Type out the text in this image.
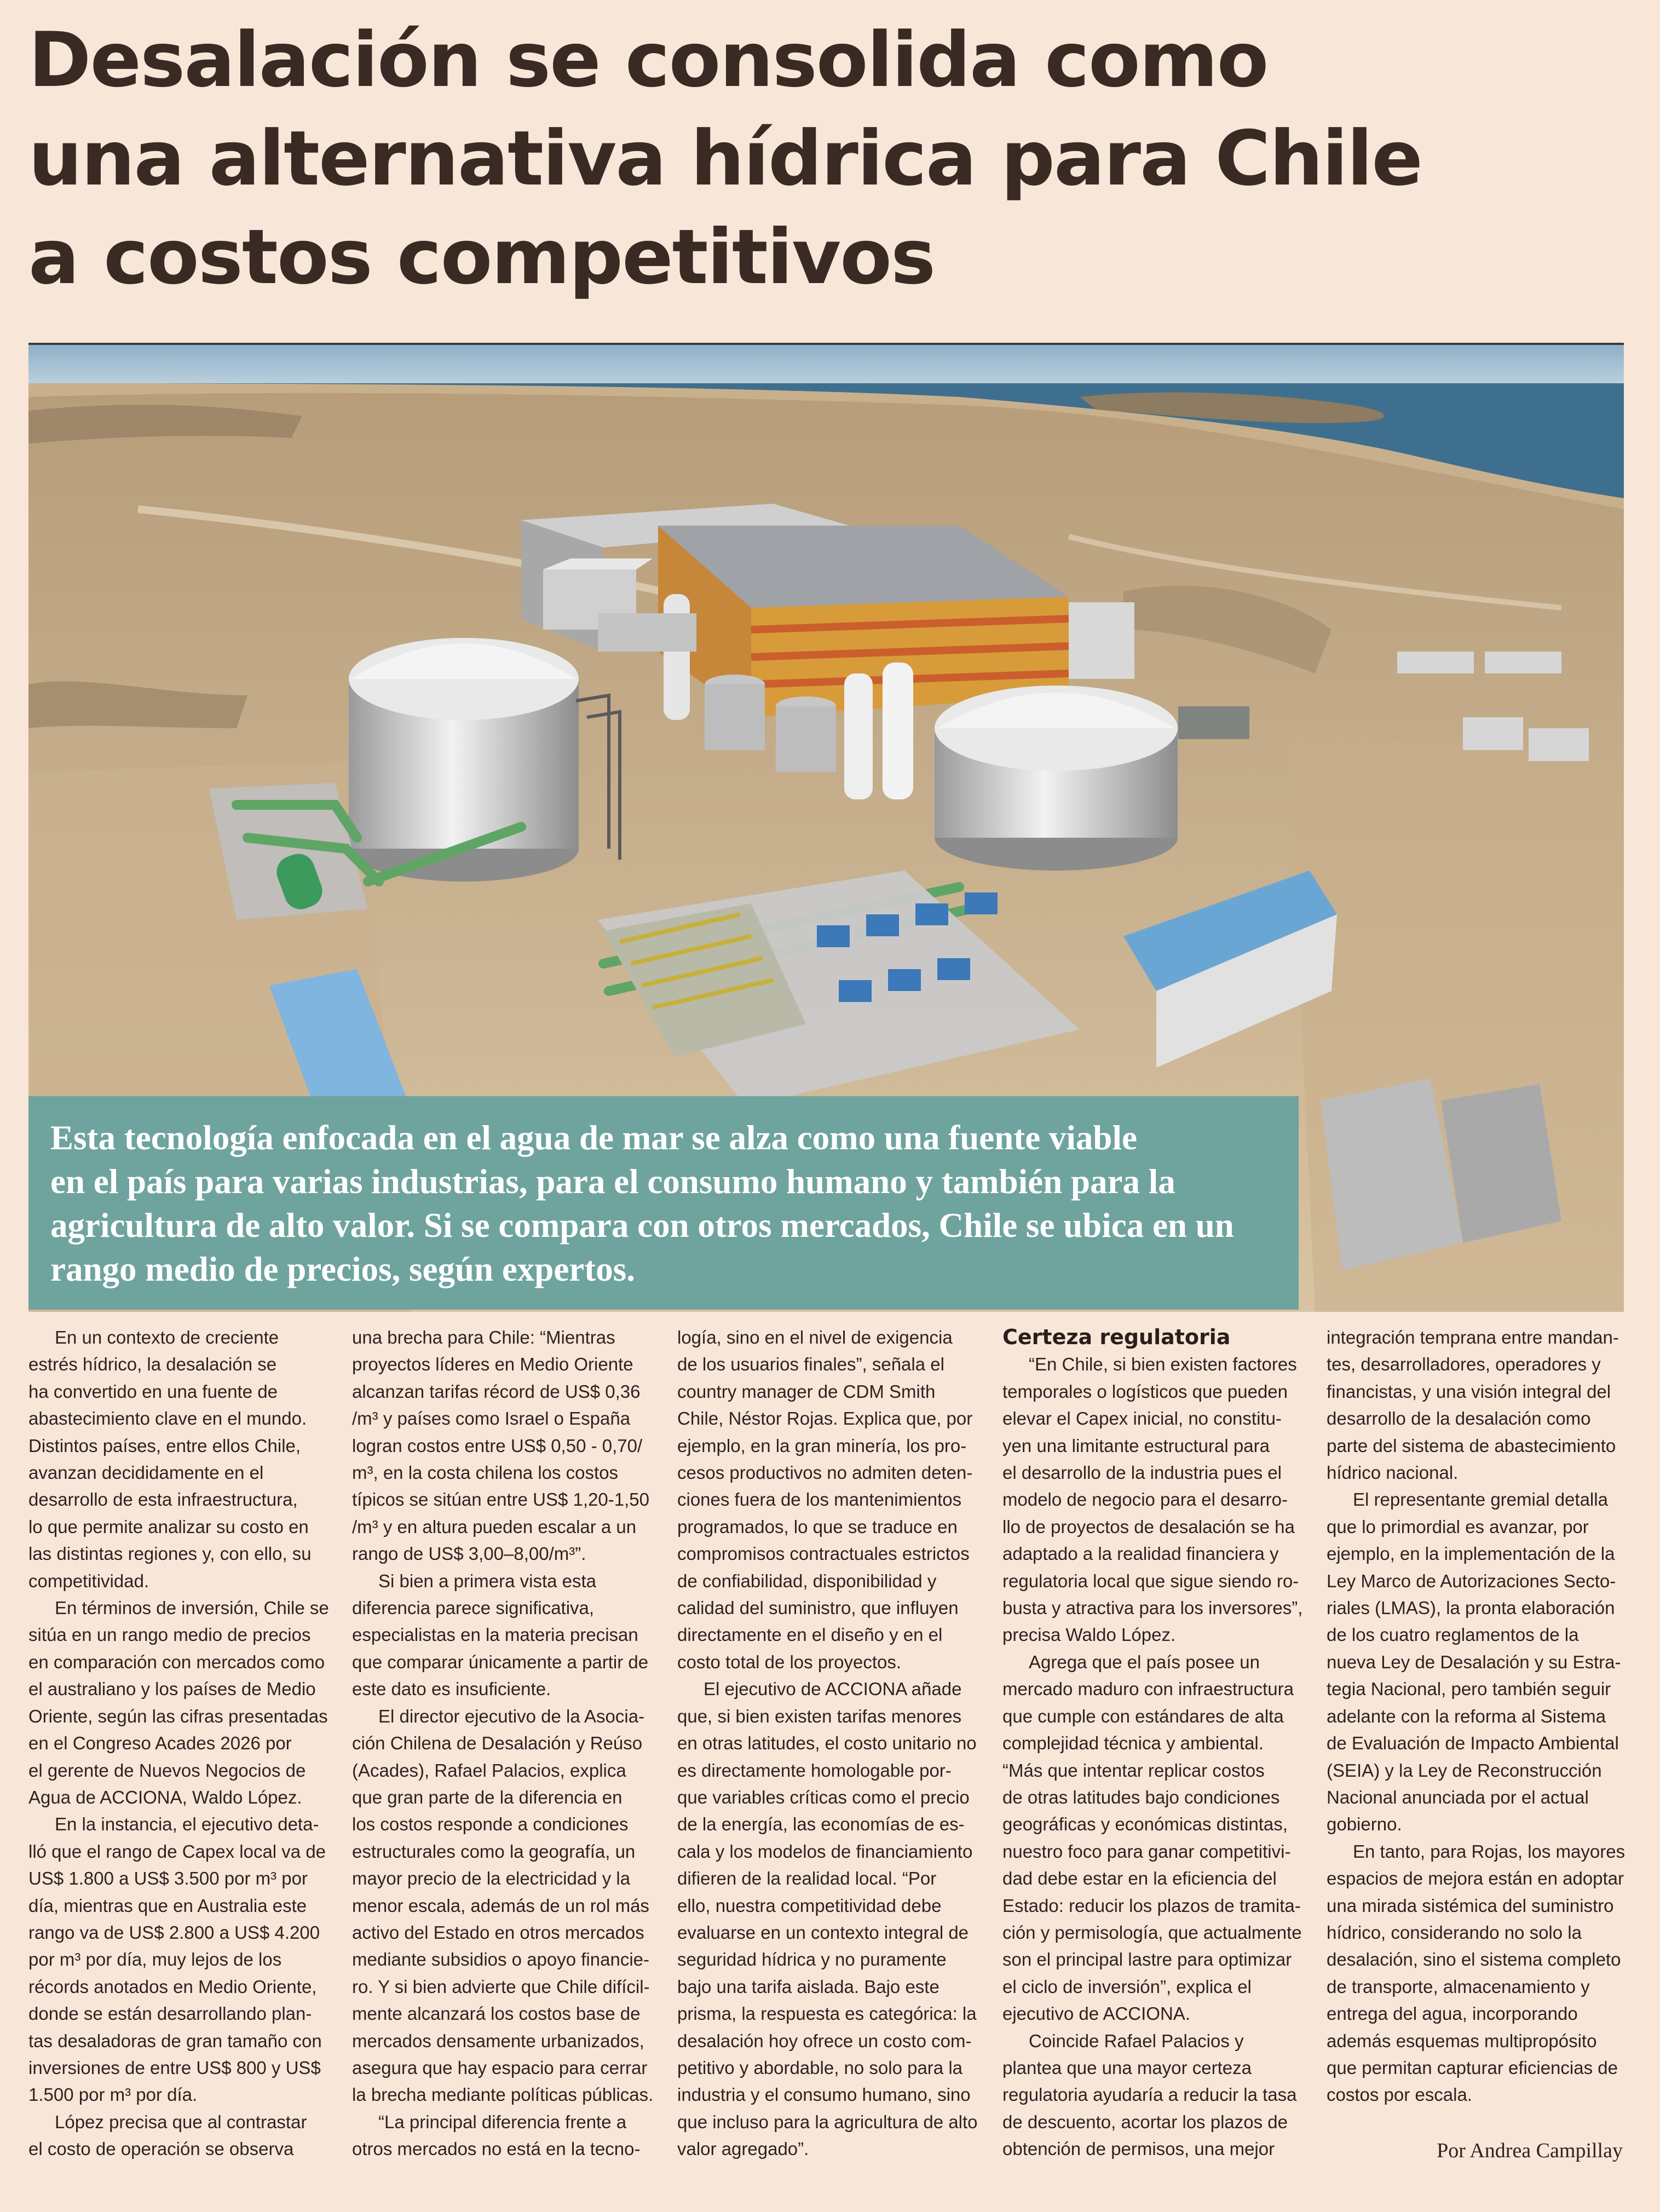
Desalación se consolida como
una alternativa hídrica para Chile
a costos competitivos
Esta tecnología enfocada en el agua de mar se alza como una fuente viable
en el país para varias industrias, para el consumo humano y también para la
agricultura de alto valor. Si se compara con otros mercados, Chile se ubica en un
rango medio de precios, según expertos.
En un contexto de creciente
estrés hídrico, la desalación se
ha convertido en una fuente de
abastecimiento clave en el mundo.
Distintos países, entre ellos Chile,
avanzan decididamente en el
desarrollo de esta infraestructura,
lo que permite analizar su costo en
las distintas regiones y, con ello, su
competitividad.
En términos de inversión, Chile se
sitúa en un rango medio de precios
en comparación con mercados como
el australiano y los países de Medio
Oriente, según las cifras presentadas
en el Congreso Acades 2026 por
el gerente de Nuevos Negocios de
Agua de ACCIONA, Waldo López.
En la instancia, el ejecutivo deta-
lló que el rango de Capex local va de
US$ 1.800 a US$ 3.500 por m³ por
día, mientras que en Australia este
rango va de US$ 2.800 a US$ 4.200
por m³ por día, muy lejos de los
récords anotados en Medio Oriente,
donde se están desarrollando plan-
tas desaladoras de gran tamaño con
inversiones de entre US$ 800 y US$
1.500 por m³ por día.
López precisa que al contrastar
el costo de operación se observa
una brecha para Chile: “Mientras
proyectos líderes en Medio Oriente
alcanzan tarifas récord de US$ 0,36
/m³ y países como Israel o España
logran costos entre US$ 0,50 - 0,70/
m³, en la costa chilena los costos
típicos se sitúan entre US$ 1,20-1,50
/m³ y en altura pueden escalar a un
rango de US$ 3,00–8,00/m³”.
Si bien a primera vista esta
diferencia parece significativa,
especialistas en la materia precisan
que comparar únicamente a partir de
este dato es insuficiente.
El director ejecutivo de la Asocia-
ción Chilena de Desalación y Reúso
(Acades), Rafael Palacios, explica
que gran parte de la diferencia en
los costos responde a condiciones
estructurales como la geografía, un
mayor precio de la electricidad y la
menor escala, además de un rol más
activo del Estado en otros mercados
mediante subsidios o apoyo financie-
ro. Y si bien advierte que Chile difícil-
mente alcanzará los costos base de
mercados densamente urbanizados,
asegura que hay espacio para cerrar
la brecha mediante políticas públicas.
“La principal diferencia frente a
otros mercados no está en la tecno-
logía, sino en el nivel de exigencia
de los usuarios finales”, señala el
country manager de CDM Smith
Chile, Néstor Rojas. Explica que, por
ejemplo, en la gran minería, los pro-
cesos productivos no admiten deten-
ciones fuera de los mantenimientos
programados, lo que se traduce en
compromisos contractuales estrictos
de confiabilidad, disponibilidad y
calidad del suministro, que influyen
directamente en el diseño y en el
costo total de los proyectos.
El ejecutivo de ACCIONA añade
que, si bien existen tarifas menores
en otras latitudes, el costo unitario no
es directamente homologable por-
que variables críticas como el precio
de la energía, las economías de es-
cala y los modelos de financiamiento
difieren de la realidad local. “Por
ello, nuestra competitividad debe
evaluarse en un contexto integral de
seguridad hídrica y no puramente
bajo una tarifa aislada. Bajo este
prisma, la respuesta es categórica: la
desalación hoy ofrece un costo com-
petitivo y abordable, no solo para la
industria y el consumo humano, sino
que incluso para la agricultura de alto
valor agregado”.
Certeza regulatoria
“En Chile, si bien existen factores
temporales o logísticos que pueden
elevar el Capex inicial, no constitu-
yen una limitante estructural para
el desarrollo de la industria pues el
modelo de negocio para el desarro-
llo de proyectos de desalación se ha
adaptado a la realidad financiera y
regulatoria local que sigue siendo ro-
busta y atractiva para los inversores”,
precisa Waldo López.
Agrega que el país posee un
mercado maduro con infraestructura
que cumple con estándares de alta
complejidad técnica y ambiental.
“Más que intentar replicar costos
de otras latitudes bajo condiciones
geográficas y económicas distintas,
nuestro foco para ganar competitivi-
dad debe estar en la eficiencia del
Estado: reducir los plazos de tramita-
ción y permisología, que actualmente
son el principal lastre para optimizar
el ciclo de inversión”, explica el
ejecutivo de ACCIONA.
Coincide Rafael Palacios y
plantea que una mayor certeza
regulatoria ayudaría a reducir la tasa
de descuento, acortar los plazos de
obtención de permisos, una mejor
integración temprana entre mandan-
tes, desarrolladores, operadores y
financistas, y una visión integral del
desarrollo de la desalación como
parte del sistema de abastecimiento
hídrico nacional.
El representante gremial detalla
que lo primordial es avanzar, por
ejemplo, en la implementación de la
Ley Marco de Autorizaciones Secto-
riales (LMAS), la pronta elaboración
de los cuatro reglamentos de la
nueva Ley de Desalación y su Estra-
tegia Nacional, pero también seguir
adelante con la reforma al Sistema
de Evaluación de Impacto Ambiental
(SEIA) y la Ley de Reconstrucción
Nacional anunciada por el actual
gobierno.
En tanto, para Rojas, los mayores
espacios de mejora están en adoptar
una mirada sistémica del suministro
hídrico, considerando no solo la
desalación, sino el sistema completo
de transporte, almacenamiento y
entrega del agua, incorporando
además esquemas multipropósito
que permitan capturar eficiencias de
costos por escala.
Por Andrea Campillay
